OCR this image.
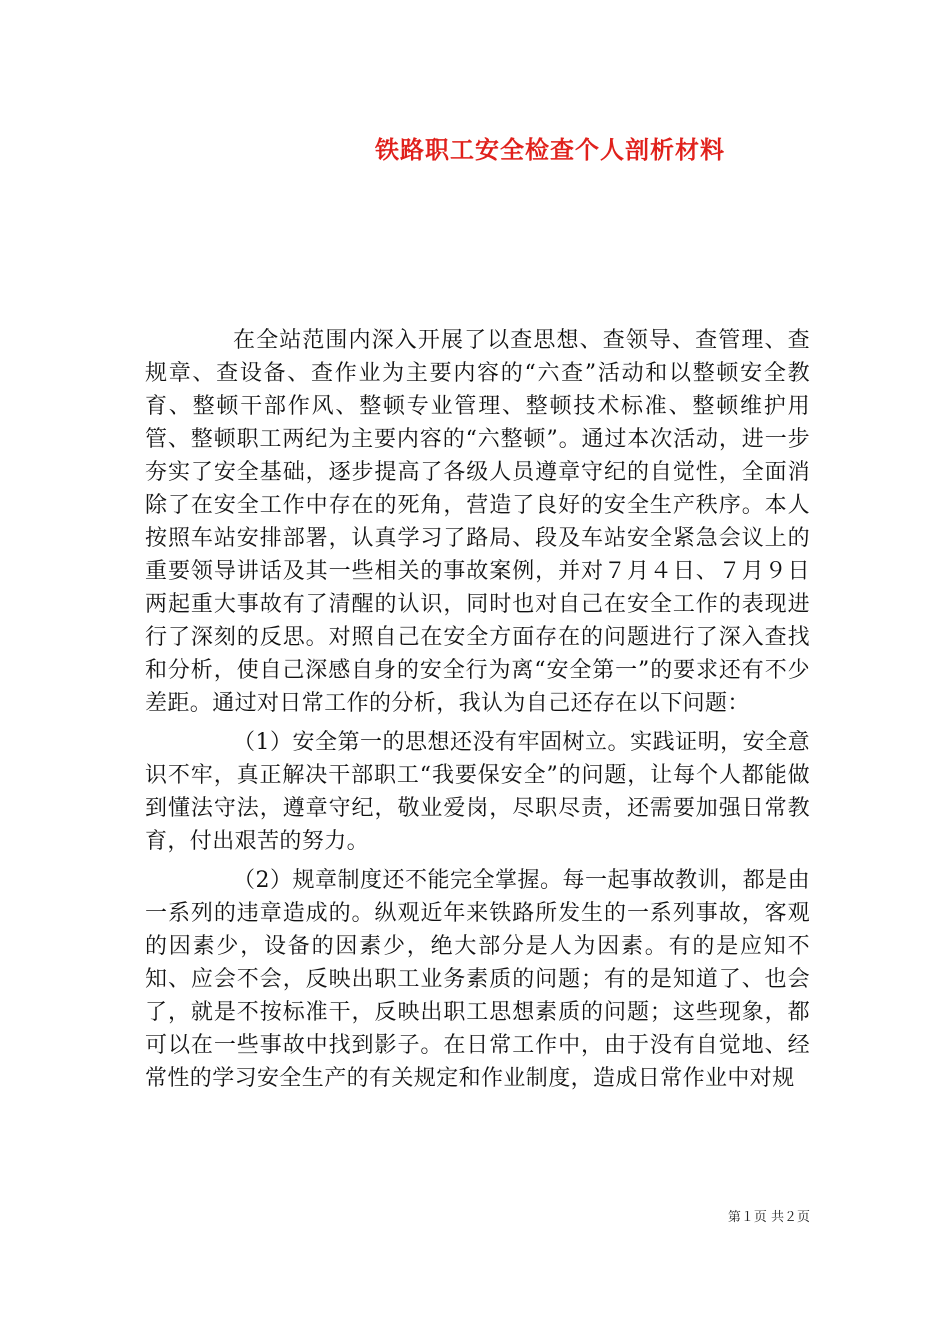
铁路职工安全检查个人剖析材料

在全站范围内深入开展了以查思想、查领导、查管理、查规章、查设备、查作业为主要内容的“六查”活动和以整顿安全教育、整顿干部作风、整顿专业管理、整顿技术标准、整顿维护用管、整顿职工两纪为主要内容的“六整顿”。通过本次活动，进一步夯实了安全基础，逐步提高了各级人员遵章守纪的自觉性，全面消除了在安全工作中存在的死角，营造了良好的安全生产秩序。本人按照车站安排部署，认真学习了路局、段及车站安全紧急会议上的重要领导讲话及其一些相关的事故案例，并对７月４日、７月９日两起重大事故有了清醒的认识，同时也对自己在安全工作的表现进行了深刻的反思。对照自己在安全方面存在的问题进行了深入查找和分析，使自己深感自身的安全行为离“安全第一”的要求还有不少差距。通过对日常工作的分析，我认为自己还存在以下问题：

（1）安全第一的思想还没有牢固树立。实践证明，安全意识不牢，真正解决干部职工“我要保安全”的问题，让每个人都能做到懂法守法，遵章守纪，敬业爱岗，尽职尽责，还需要加强日常教育，付出艰苦的努力。

（2）规章制度还不能完全掌握。每一起事故教训，都是由一系列的违章造成的。纵观近年来铁路所发生的一系列事故，客观的因素少，设备的因素少，绝大部分是人为因素。有的是应知不知、应会不会，反映出职工业务素质的问题；有的是知道了、也会了，就是不按标准干，反映出职工思想素质的问题；这些现象，都可以在一些事故中找到影子。在日常工作中，由于没有自觉地、经常性的学习安全生产的有关规定和作业制度，造成日常作业中对规

第１页 共２页
